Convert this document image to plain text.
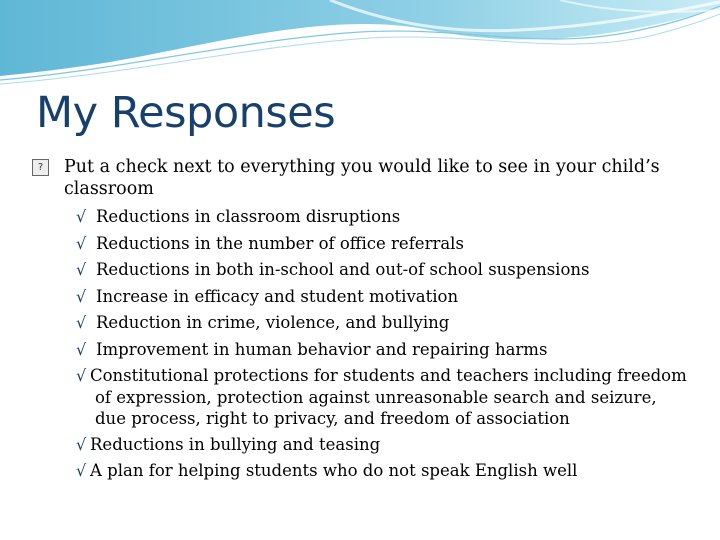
My Responses
?	Put a check next to everything you would like to see in your child’s classroom
√ Reductions in classroom disruptions
√ Reductions in the number of office referrals
√ Reductions in both in-school and out-of school suspensions
√ Increase in efficacy and student motivation
√ Reduction in crime, violence, and bullying
√ Improvement in human behavior and repairing harms
√ Constitutional protections for students and teachers including freedom of expression, protection against unreasonable search and seizure, due process, right to privacy, and freedom of association
√ Reductions in bullying and teasing
√ A plan for helping students who do not speak English well
